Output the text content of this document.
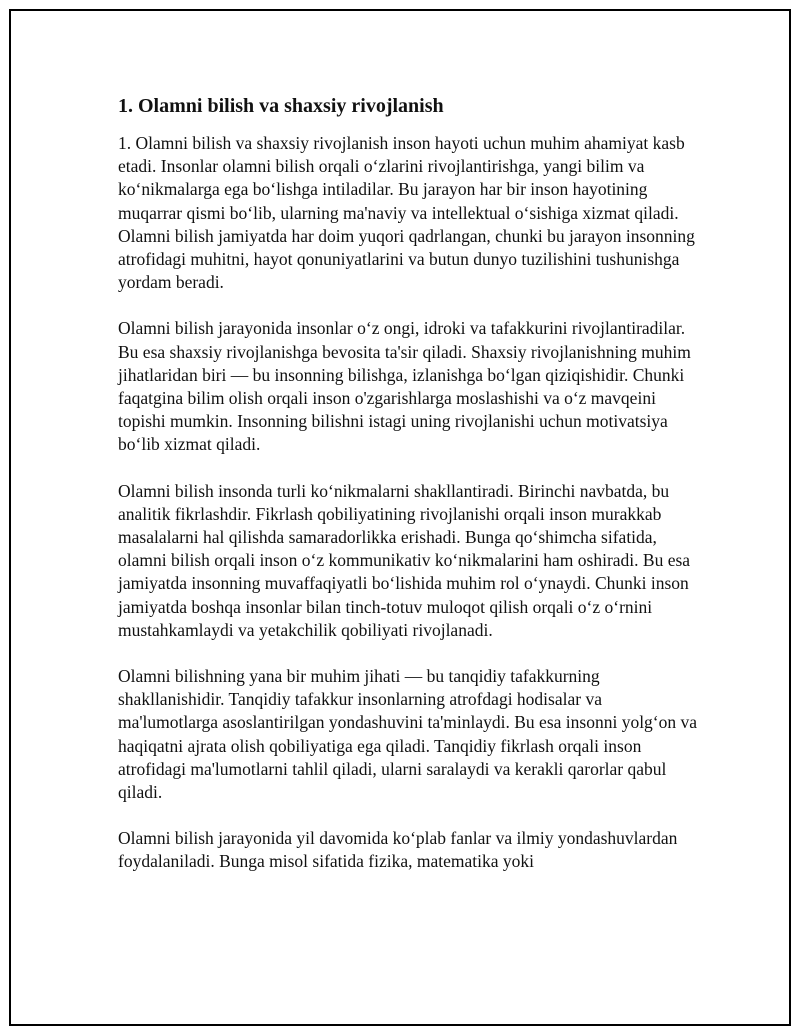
1. Olamni bilish va shaxsiy rivojlanish

1. Olamni bilish va shaxsiy rivojlanish inson hayoti uchun muhim ahamiyat kasb etadi. Insonlar olamni bilish orqali o‘zlarini rivojlantirishga, yangi bilim va ko‘nikmalarga ega bo‘lishga intiladilar. Bu jarayon har bir inson hayotining muqarrar qismi bo‘lib, ularning ma'naviy va intellektual o‘sishiga xizmat qiladi. Olamni bilish jamiyatda har doim yuqori qadrlangan, chunki bu jarayon insonning atrofidagi muhitni, hayot qonuniyatlarini va butun dunyo tuzilishini tushunishga yordam beradi.

Olamni bilish jarayonida insonlar o‘z ongi, idroki va tafakkurini rivojlantiradilar. Bu esa shaxsiy rivojlanishga bevosita ta'sir qiladi. Shaxsiy rivojlanishning muhim jihatlaridan biri — bu insonning bilishga, izlanishga bo‘lgan qiziqishidir. Chunki faqatgina bilim olish orqali inson o'zgarishlarga moslashishi va o‘z mavqeini topishi mumkin. Insonning bilishni istagi uning rivojlanishi uchun motivatsiya bo‘lib xizmat qiladi.

Olamni bilish insonda turli ko‘nikmalarni shakllantiradi. Birinchi navbatda, bu analitik fikrlashdir. Fikrlash qobiliyatining rivojlanishi orqali inson murakkab masalalarni hal qilishda samaradorlikka erishadi. Bunga qo‘shimcha sifatida, olamni bilish orqali inson o‘z kommunikativ ko‘nikmalarini ham oshiradi. Bu esa jamiyatda insonning muvaffaqiyatli bo‘lishida muhim rol o‘ynaydi. Chunki inson jamiyatda boshqa insonlar bilan tinch-totuv muloqot qilish orqali o‘z o‘rnini mustahkamlaydi va yetakchilik qobiliyati rivojlanadi.

Olamni bilishning yana bir muhim jihati — bu tanqidiy tafakkurning shakllanishidir. Tanqidiy tafakkur insonlarning atrofdagi hodisalar va ma'lumotlarga asoslantirilgan yondashuvini ta'minlaydi. Bu esa insonni yolg‘on va haqiqatni ajrata olish qobiliyatiga ega qiladi. Tanqidiy fikrlash orqali inson atrofidagi ma'lumotlarni tahlil qiladi, ularni saralaydi va kerakli qarorlar qabul qiladi.

Olamni bilish jarayonida yil davomida ko‘plab fanlar va ilmiy yondashuvlardan foydalaniladi. Bunga misol sifatida fizika, matematika yoki
